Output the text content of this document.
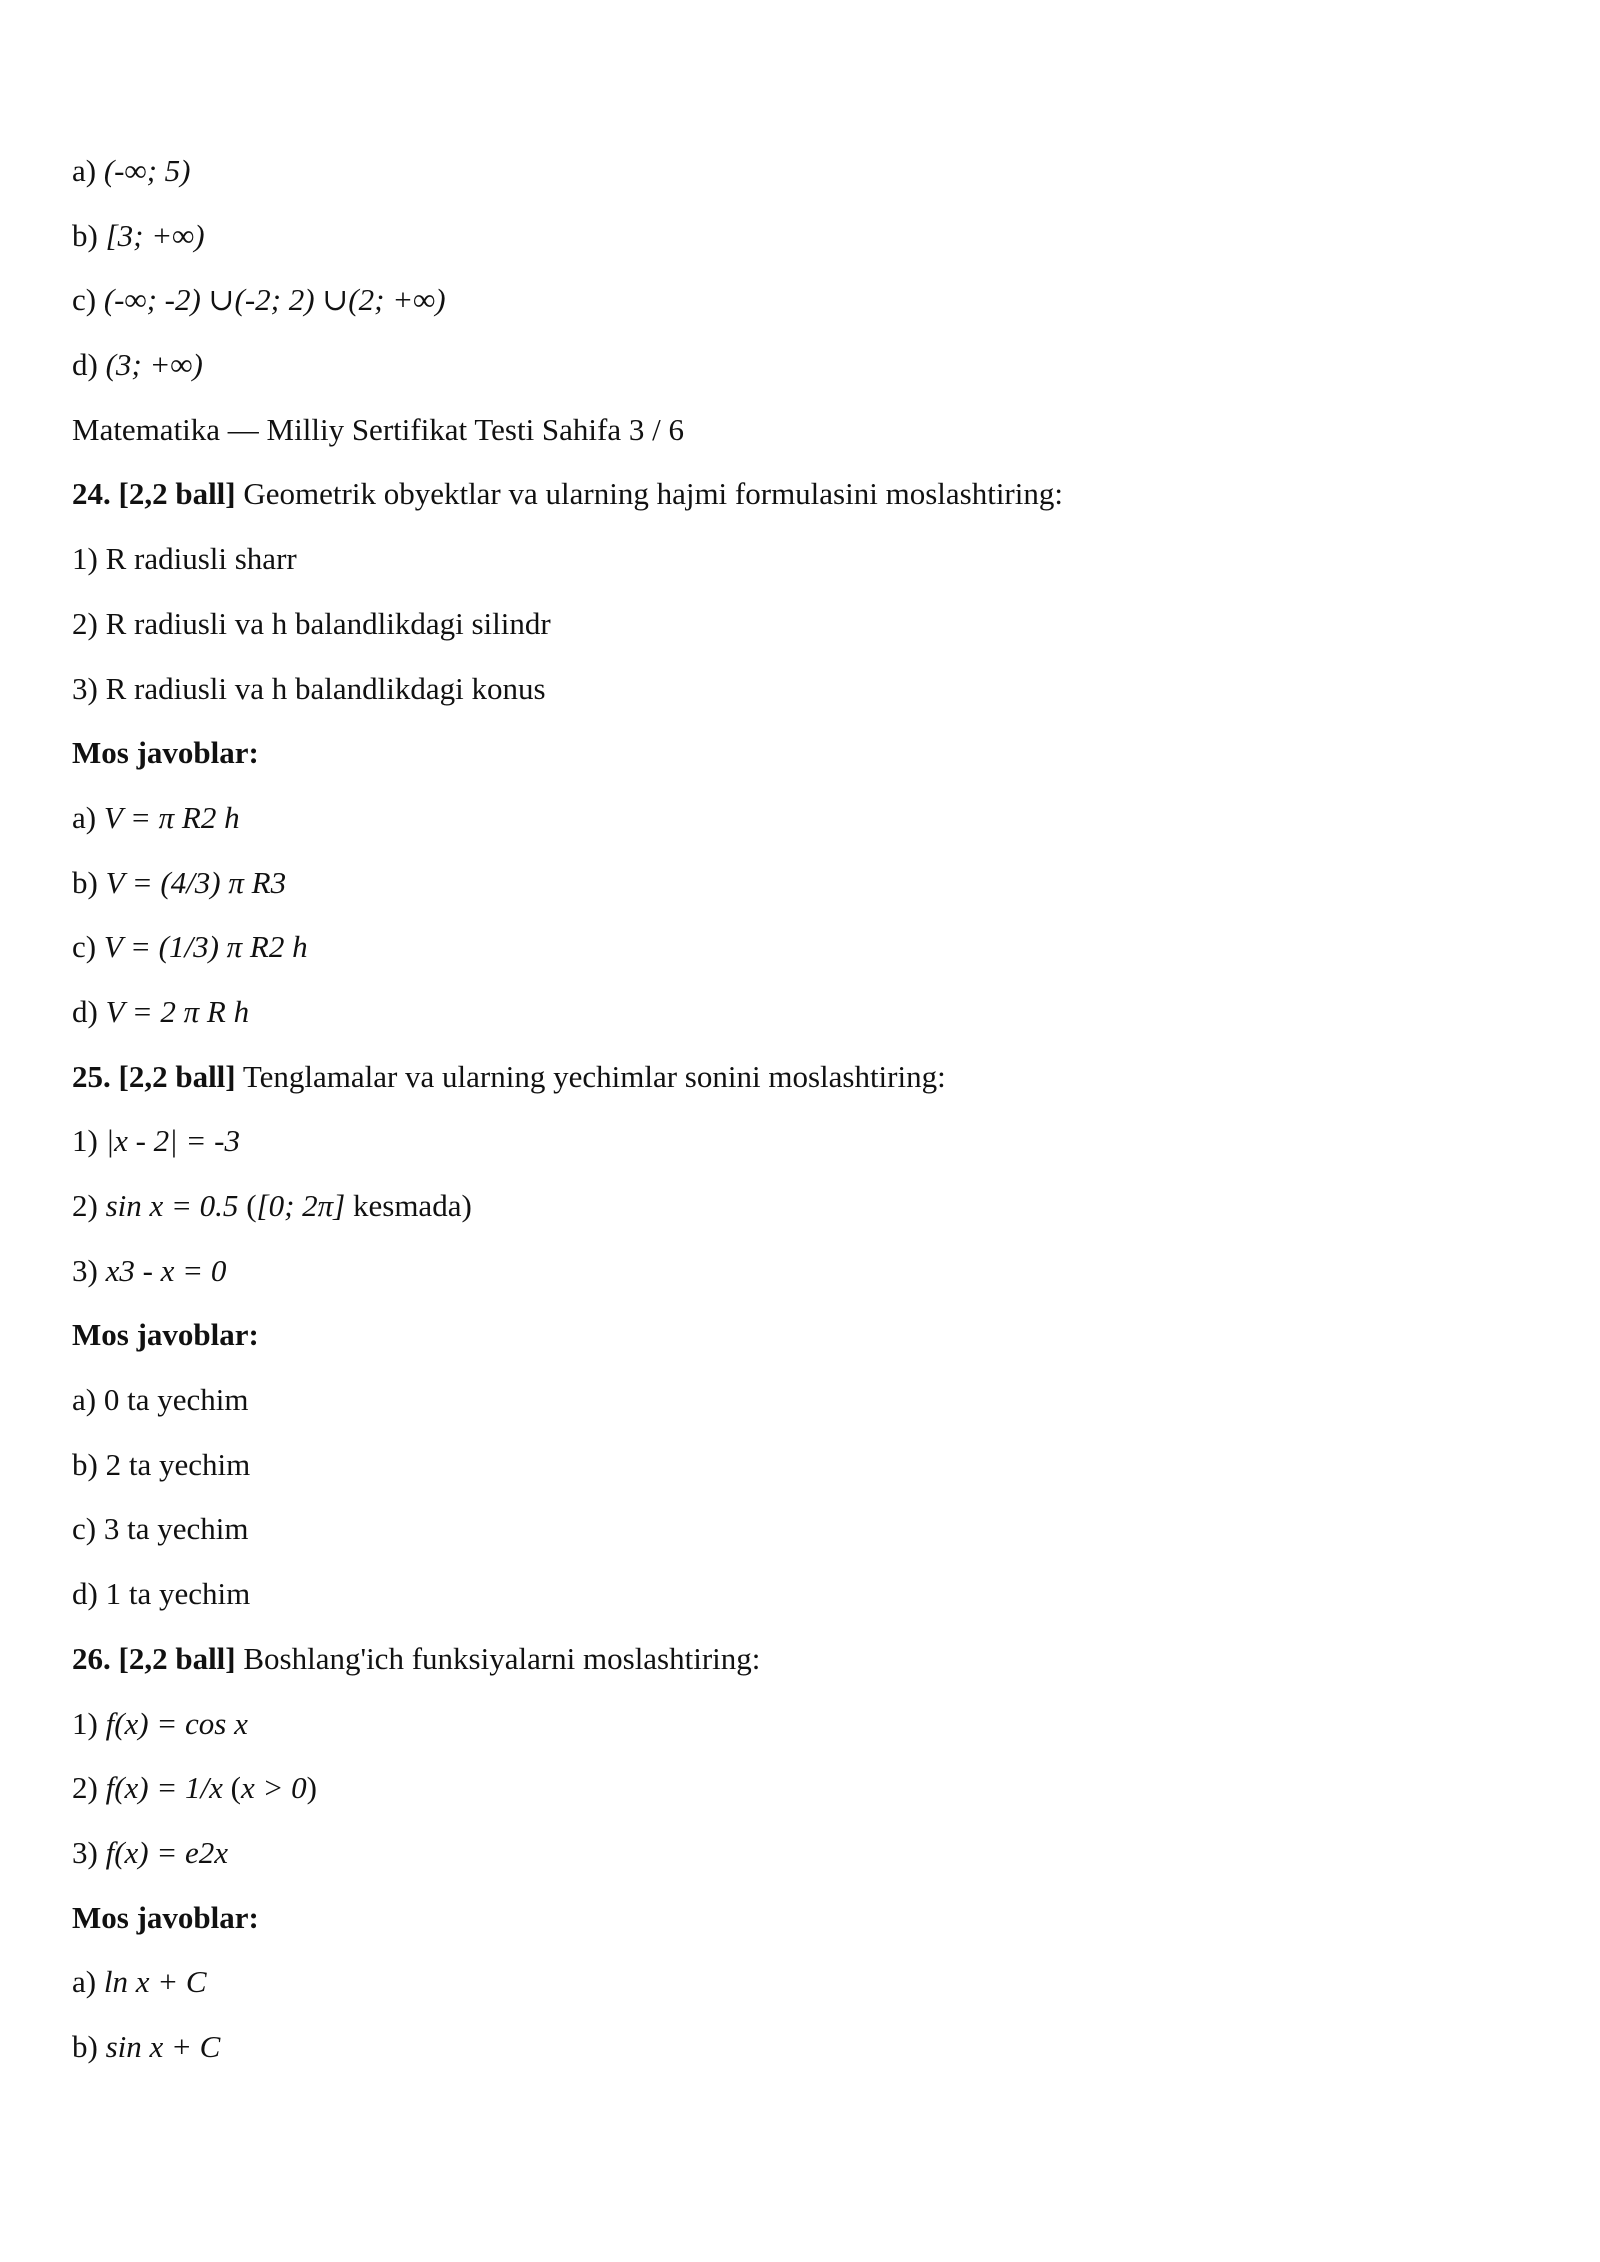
a) (-∞; 5)
b) [3; +∞)
c) (-∞; -2) ∪(-2; 2) ∪(2; +∞)
d) (3; +∞)
Matematika — Milliy Sertifikat Testi Sahifa 3 / 6
24. [2,2 ball] Geometrik obyektlar va ularning hajmi formulasini moslashtiring:
1) R radiusli sharr
2) R radiusli va h balandlikdagi silindr
3) R radiusli va h balandlikdagi konus
Mos javoblar:
a) V = π R2 h
b) V = (4/3) π R3
c) V = (1/3) π R2 h
d) V = 2 π R h
25. [2,2 ball] Tenglamalar va ularning yechimlar sonini moslashtiring:
1) |x - 2| = -3
2) sin x = 0.5 ([0; 2π] kesmada)
3) x3 - x = 0
Mos javoblar:
a) 0 ta yechim
b) 2 ta yechim
c) 3 ta yechim
d) 1 ta yechim
26. [2,2 ball] Boshlang'ich funksiyalarni moslashtiring:
1) f(x) = cos x
2) f(x) = 1/x (x > 0)
3) f(x) = e2x
Mos javoblar:
a) ln x + C
b) sin x + C
